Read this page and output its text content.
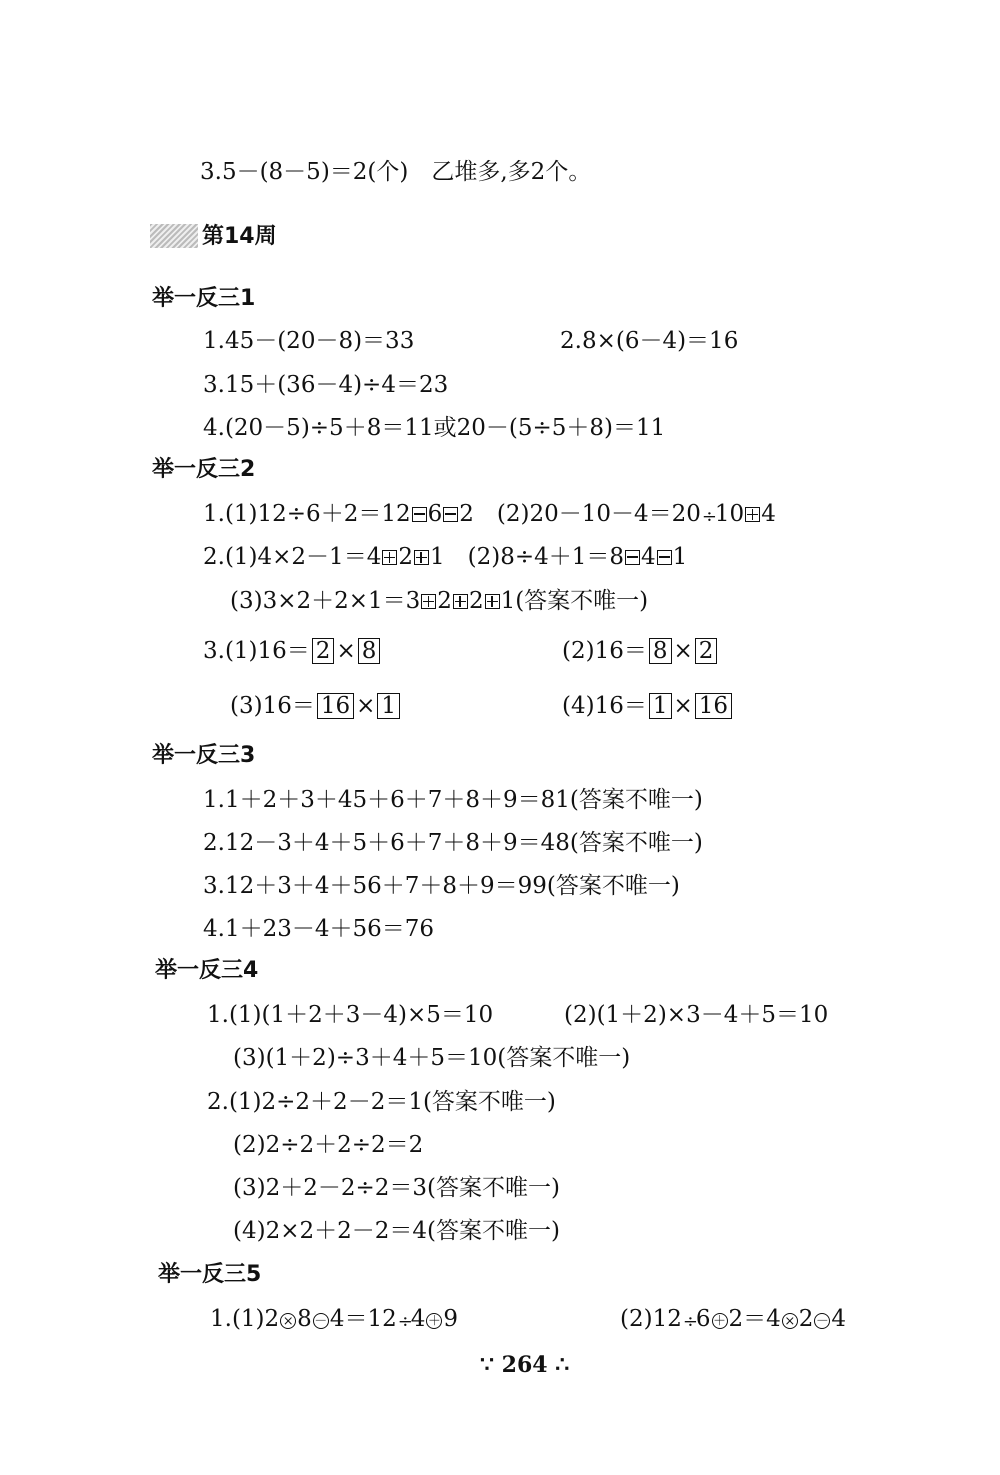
3.5－(8－5)＝2(个)　乙堆多,多2个。
第14周
举一反三1
1.45－(20－8)＝33	2.8×(6－4)＝16
3.15＋(36－4)÷4＝23
4.(20－5)÷5＋8＝11或20－(5÷5＋8)＝11
举一反三2
1.(1)12÷6＋2＝12 6 2　(2)20－10－4＝20÷10 4
2.(1)4×2－1＝4 2 1　(2)8÷4＋1＝8 4 1
(3)3×2＋2×1＝3 2 2 1(答案不唯一)
3.(1)16＝ 2 × 8	(2)16＝ 8 × 2
(3)16＝ 16 × 1	(4)16＝ 1 × 16
举一反三3
1.1＋2＋3＋45＋6＋7＋8＋9＝81(答案不唯一)
2.12－3＋4＋5＋6＋7＋8＋9＝48(答案不唯一)
3.12＋3＋4＋56＋7＋8＋9＝99(答案不唯一)
4.1＋23－4＋56＝76
举一反三4
1.(1)(1＋2＋3－4)×5＝10	(2)(1＋2)×3－4＋5＝10
(3)(1＋2)÷3＋4＋5＝10(答案不唯一)
2.(1)2÷2＋2－2＝1(答案不唯一)
(2)2÷2＋2÷2＝2
(3)2＋2－2÷2＝3(答案不唯一)
(4)2×2＋2－2＝4(答案不唯一)
举一反三5
1.(1)2 × 8 － 4＝12÷4 ＋ 9	(2)12÷6 ＋ 2＝4 × 2 － 4
∵ 264 ∴
